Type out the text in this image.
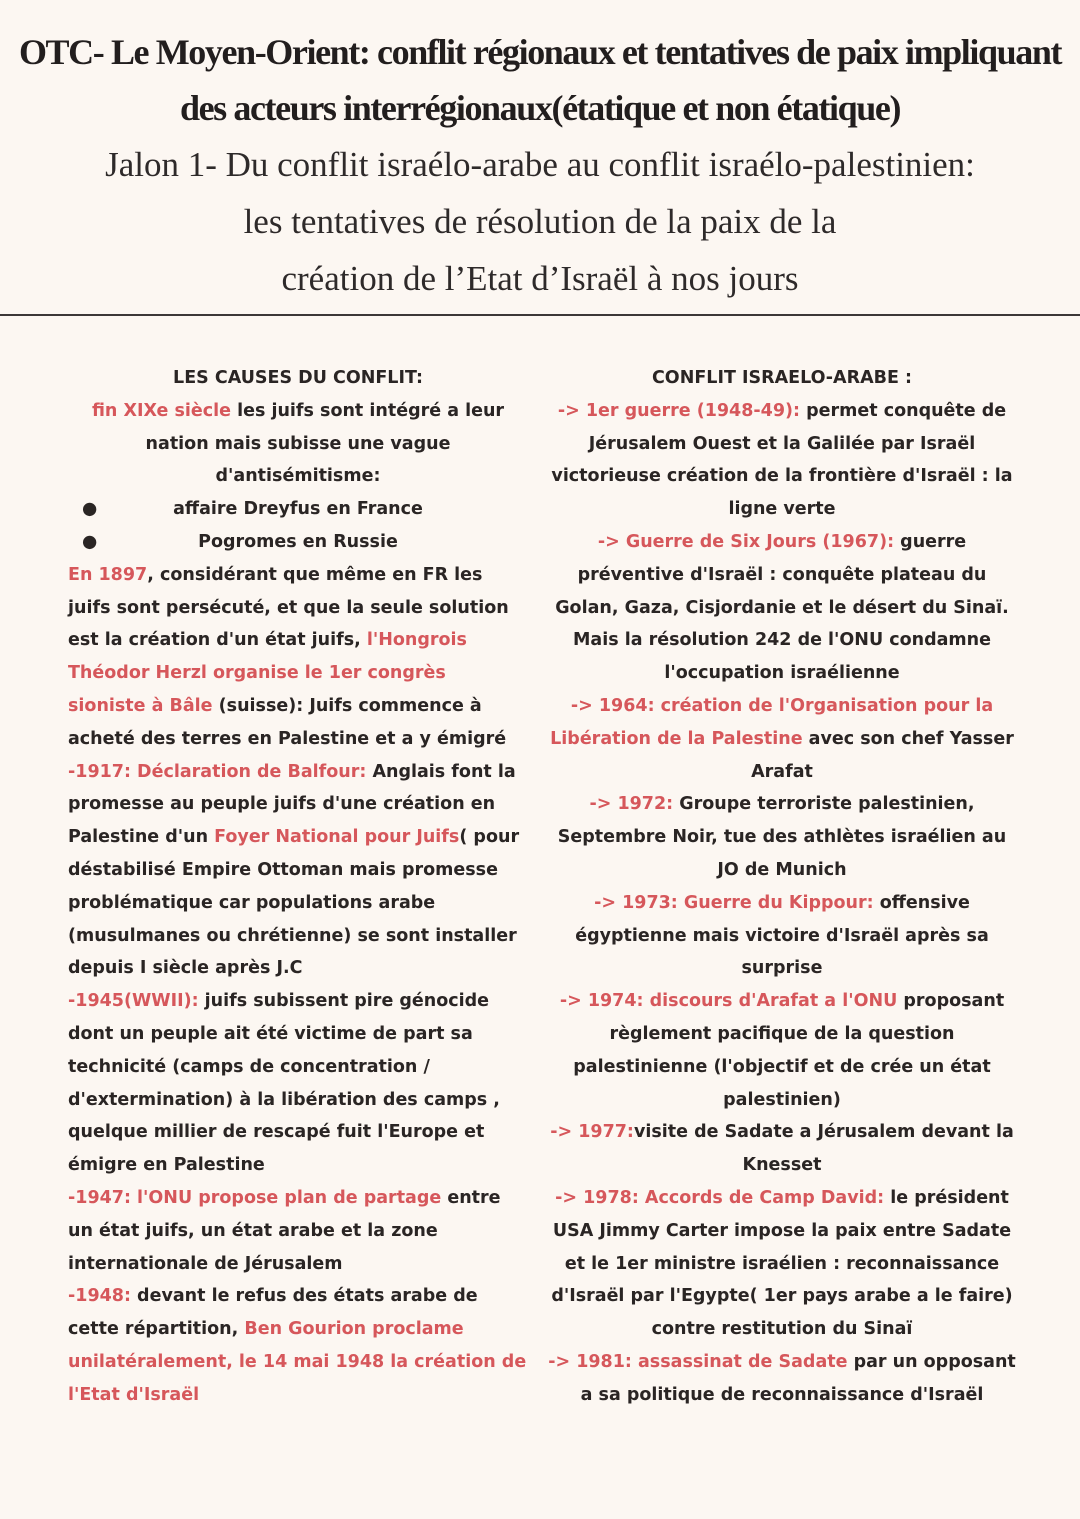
OTC- Le Moyen-Orient: conflit régionaux et tentatives de paix impliquant
des acteurs interrégionaux(étatique et non étatique)
Jalon 1- Du conflit israélo-arabe au conflit israélo-palestinien:
les tentatives de résolution de la paix de la
création de l’Etat d’Israël à nos jours
LES CAUSES DU CONFLIT:
fin XIXe siècle les juifs sont intégré a leur nation mais subisse une vague d'antisémitisme:
●	affaire Dreyfus en France
●	Pogromes en Russie
En 1897, considérant que même en FR les juifs sont persécuté, et que la seule solution est la création d'un état juifs, l'Hongrois Théodor Herzl organise le 1er congrès sioniste à Bâle (suisse): Juifs commence à acheté des terres en Palestine et a y émigré
-1917: Déclaration de Balfour: Anglais font la promesse au peuple juifs d'une création en Palestine d'un Foyer National pour Juifs( pour déstabilisé Empire Ottoman mais promesse problématique car populations arabe (musulmanes ou chrétienne) se sont installer depuis I siècle après J.C
-1945(WWII): juifs subissent pire génocide dont un peuple ait été victime de part sa technicité (camps de concentration / d'extermination) à la libération des camps , quelque millier de rescapé fuit l'Europe et émigre en Palestine
-1947: l'ONU propose plan de partage entre un état juifs, un état arabe et la zone internationale de Jérusalem
-1948: devant le refus des états arabe de cette répartition, Ben Gourion proclame unilatéralement, le 14 mai 1948 la création de l'Etat d'Israël
CONFLIT ISRAELO-ARABE :
-> 1er guerre (1948-49): permet conquête de Jérusalem Ouest et la Galilée par Israël victorieuse création de la frontière d'Israël : la ligne verte
-> Guerre de Six Jours (1967): guerre préventive d'Israël : conquête plateau du Golan, Gaza, Cisjordanie et le désert du Sinaï. Mais la résolution 242 de l'ONU condamne l'occupation israélienne
-> 1964: création de l'Organisation pour la Libération de la Palestine avec son chef Yasser Arafat
-> 1972: Groupe terroriste palestinien, Septembre Noir, tue des athlètes israélien au JO de Munich
-> 1973: Guerre du Kippour: offensive égyptienne mais victoire d'Israël après sa surprise
-> 1974: discours d'Arafat a l'ONU proposant règlement pacifique de la question palestinienne (l'objectif et de crée un état palestinien)
-> 1977:visite de Sadate a Jérusalem devant la Knesset
-> 1978: Accords de Camp David: le président USA Jimmy Carter impose la paix entre Sadate et le 1er ministre israélien : reconnaissance d'Israël par l'Egypte( 1er pays arabe a le faire) contre restitution du Sinaï
-> 1981: assassinat de Sadate par un opposant a sa politique de reconnaissance d'Israël
